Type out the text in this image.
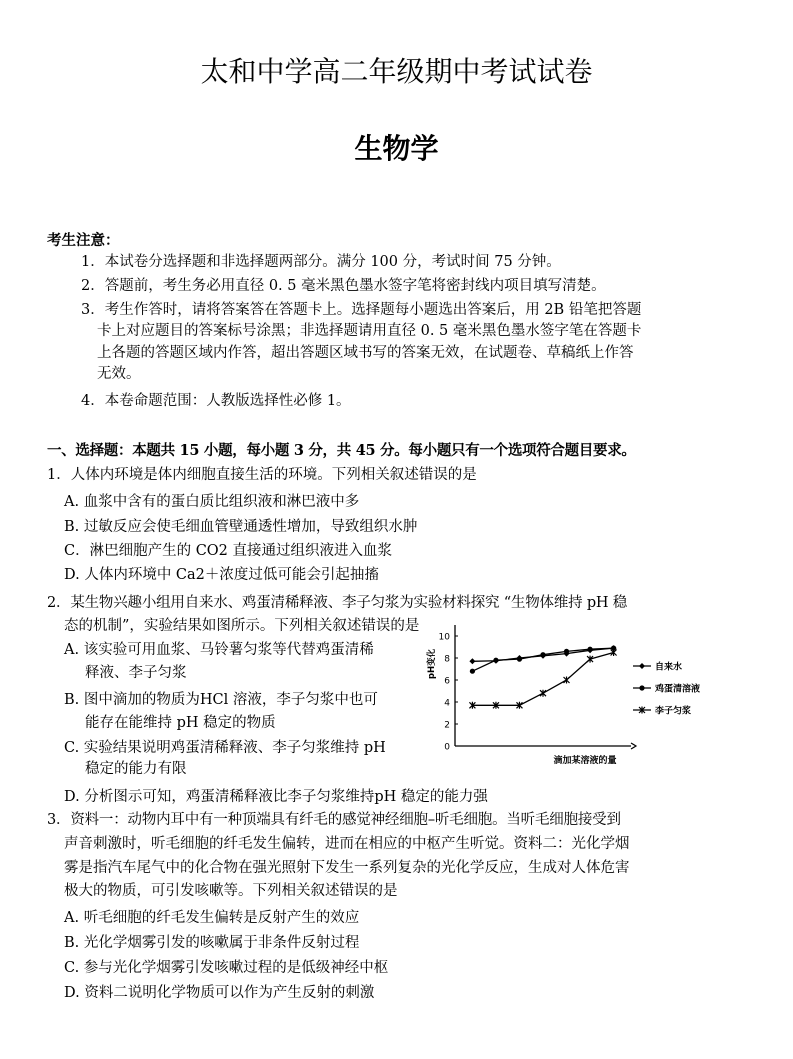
太和中学高二年级期中考试试卷
生物学
考生注意：
1．本试卷分选择题和非选择题两部分。满分 100 分，考试时间 75 分钟。
2．答题前，考生务必用直径 0. 5 毫米黑色墨水签字笔将密封线内项目填写清楚。
3．考生作答时，请将答案答在答题卡上。选择题每小题选出答案后，用 2B 铅笔把答题
卡上对应题目的答案标号涂黑；非选择题请用直径 0. 5 毫米黑色墨水签字笔在答题卡
上各题的答题区域内作答，超出答题区域书写的答案无效，在试题卷、草稿纸上作答
无效。
4．本卷命题范围：人教版选择性必修 1。
一、选择题：本题共 15 小题，每小题 3 分，共 45 分。每小题只有一个选项符合题目要求。
1．人体内环境是体内细胞直接生活的环境。下列相关叙述错误的是
A. 血浆中含有的蛋白质比组织液和淋巴液中多
B. 过敏反应会使毛细血管壁通透性增加，导致组织水肿
C．淋巴细胞产生的 CO2 直接通过组织液进入血浆
D. 人体内环境中 Ca2＋浓度过低可能会引起抽搐
2．某生物兴趣小组用自来水、鸡蛋清稀释液、李子匀浆为实验材料探究 “生物体维持 pH 稳
态的机制”，实验结果如图所示。下列相关叙述错误的是
A. 该实验可用血浆、马铃薯匀浆等代替鸡蛋清稀
释液、李子匀浆
B. 图中滴加的物质为HCl 溶液，李子匀浆中也可
能存在能维持 pH 稳定的物质
C. 实验结果说明鸡蛋清稀释液、李子匀浆维持 pH
稳定的能力有限
D. 分析图示可知，鸡蛋清稀释液比李子匀浆维持pH 稳定的能力强
0
2
4
6
8
10
pH变化
滴加某溶液的量
自来水
鸡蛋清溶液
李子匀浆
3．资料一：动物内耳中有一种顶端具有纤毛的感觉神经细胞–听毛细胞。当听毛细胞接受到
声音刺激时，听毛细胞的纤毛发生偏转，进而在相应的中枢产生听觉。资料二：光化学烟
雾是指汽车尾气中的化合物在强光照射下发生一系列复杂的光化学反应，生成对人体危害
极大的物质，可引发咳嗽等。下列相关叙述错误的是
A. 听毛细胞的纤毛发生偏转是反射产生的效应
B. 光化学烟雾引发的咳嗽属于非条件反射过程
C. 参与光化学烟雾引发咳嗽过程的是低级神经中枢
D. 资料二说明化学物质可以作为产生反射的刺激
